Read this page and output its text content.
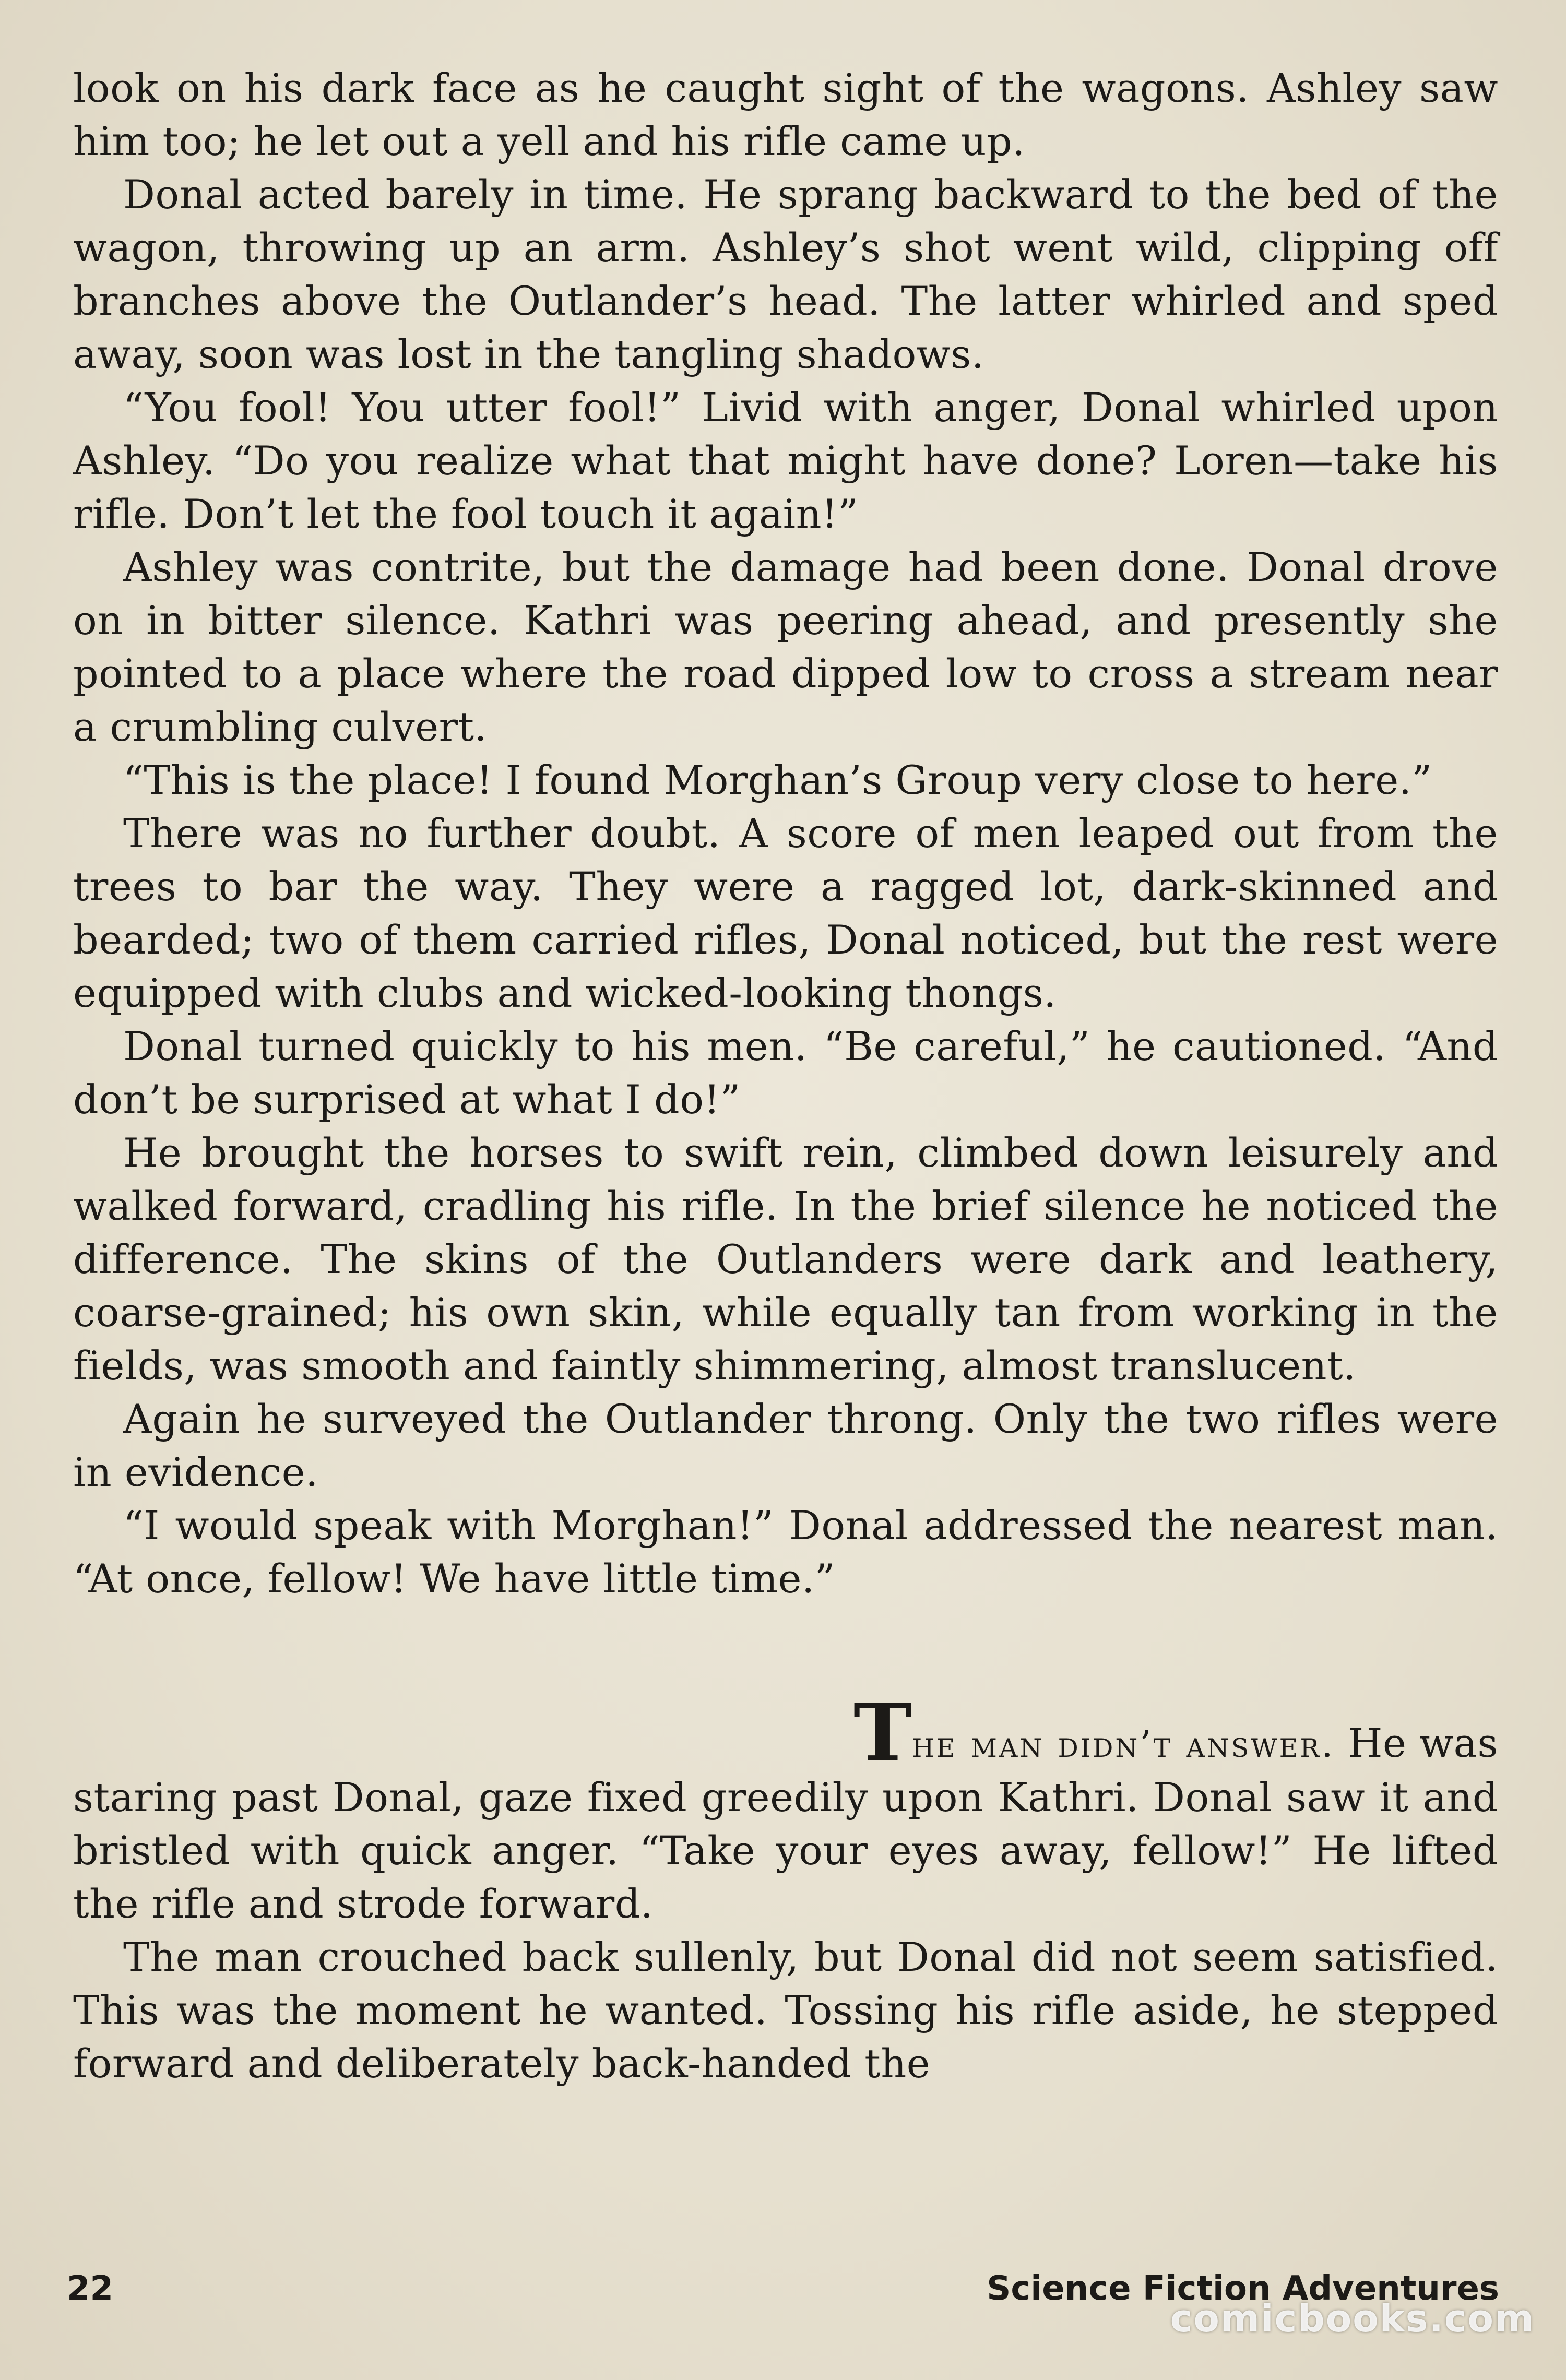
look on his dark face as he caught sight of the wagons. Ashley saw him too; he let out a yell and his rifle came up.

Donal acted barely in time. He sprang backward to the bed of the wagon, throwing up an arm. Ashley’s shot went wild, clipping off branches above the Outlander’s head. The latter whirled and sped away, soon was lost in the tangling shadows.

“You fool! You utter fool!” Livid with anger, Donal whirled upon Ashley. “Do you realize what that might have done? Loren—take his rifle. Don’t let the fool touch it again!”

Ashley was contrite, but the damage had been done. Donal drove on in bitter silence. Kathri was peering ahead, and presently she pointed to a place where the road dipped low to cross a stream near a crumbling culvert.

“This is the place! I found Morghan’s Group very close to here.”

There was no further doubt. A score of men leaped out from the trees to bar the way. They were a ragged lot, dark-skinned and bearded; two of them carried rifles, Donal noticed, but the rest were equipped with clubs and wicked-looking thongs.

Donal turned quickly to his men. “Be careful,” he cautioned. “And don’t be surprised at what I do!”

He brought the horses to swift rein, climbed down leisurely and walked forward, cradling his rifle. In the brief silence he noticed the difference. The skins of the Outlanders were dark and leathery, coarse-grained; his own skin, while equally tan from working in the fields, was smooth and faintly shimmering, almost translucent.

Again he surveyed the Outlander throng. Only the two rifles were in evidence.

“I would speak with Morghan!” Donal addressed the nearest man. “At once, fellow! We have little time.”

The man didn’t answer. He was
staring past Donal, gaze fixed greedily upon Kathri. Donal saw it and bristled with quick anger. “Take your eyes away, fellow!” He lifted the rifle and strode forward.

The man crouched back sullenly, but Donal did not seem satisfied. This was the moment he wanted. Tossing his rifle aside, he stepped forward and deliberately back-handed the

22	Science Fiction Adventures
comicbooks.com
